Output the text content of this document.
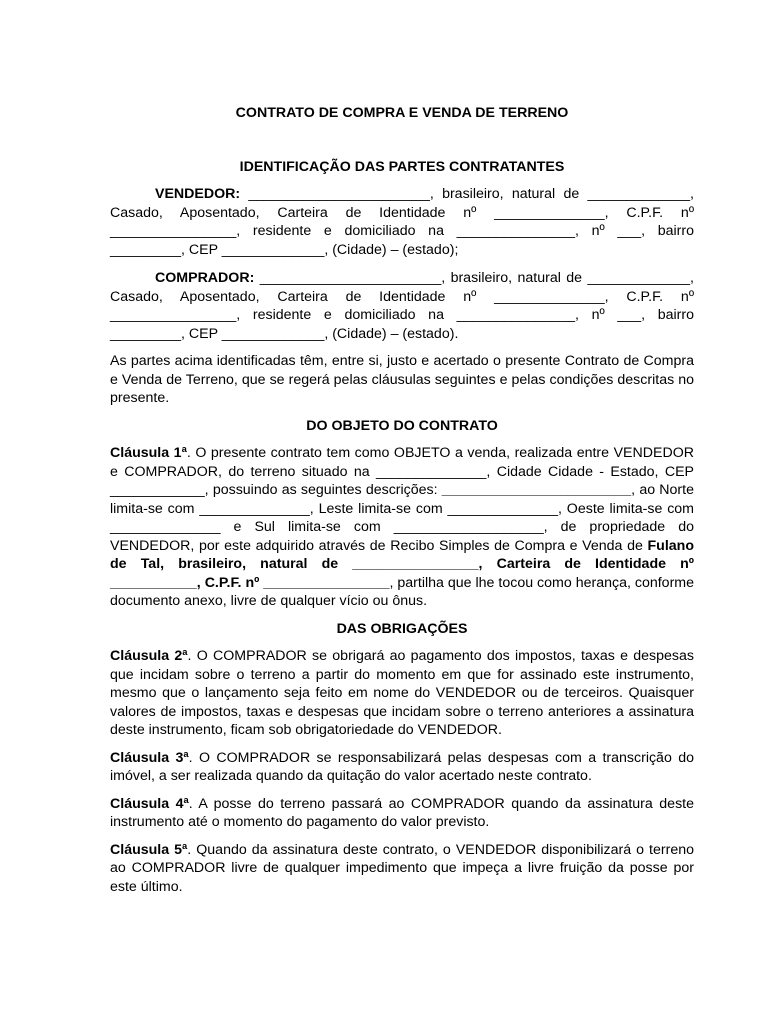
CONTRATO DE COMPRA E VENDA DE TERRENO

IDENTIFICAÇÃO DAS PARTES CONTRATANTES

VENDEDOR: _______________________, brasileiro, natural de _____________, Casado, Aposentado, Carteira de Identidade nº ______________, C.P.F. nº ________________, residente e domiciliado na _______________, nº ___, bairro _________, CEP _____________, (Cidade) – (estado);

COMPRADOR: _______________________, brasileiro, natural de _____________, Casado, Aposentado, Carteira de Identidade nº ______________, C.P.F. nº ________________, residente e domiciliado na _______________, nº ___, bairro _________, CEP _____________, (Cidade) – (estado).

As partes acima identificadas têm, entre si, justo e acertado o presente Contrato de Compra e Venda de Terreno, que se regerá pelas cláusulas seguintes e pelas condições descritas no presente.

DO OBJETO DO CONTRATO

Cláusula 1ª. O presente contrato tem como OBJETO a venda, realizada entre VENDEDOR e COMPRADOR, do terreno situado na ______________, Cidade Cidade - Estado, CEP ____________, possuindo as seguintes descrições: ________________________, ao Norte limita-se com ______________, Leste limita-se com ______________, Oeste limita-se com ______________ e Sul limita-se com ___________________, de propriedade do VENDEDOR, por este adquirido através de Recibo Simples de Compra e Venda de Fulano de Tal, brasileiro, natural de ________________, Carteira de Identidade nº ___________, C.P.F. nº ________________, partilha que lhe tocou como herança, conforme documento anexo, livre de qualquer vício ou ônus.

DAS OBRIGAÇÕES

Cláusula 2ª. O COMPRADOR se obrigará ao pagamento dos impostos, taxas e despesas que incidam sobre o terreno a partir do momento em que for assinado este instrumento, mesmo que o lançamento seja feito em nome do VENDEDOR ou de terceiros. Quaisquer valores de impostos, taxas e despesas que incidam sobre o terreno anteriores a assinatura deste instrumento, ficam sob obrigatoriedade do VENDEDOR.

Cláusula 3ª. O COMPRADOR se responsabilizará pelas despesas com a transcrição do imóvel, a ser realizada quando da quitação do valor acertado neste contrato.

Cláusula 4ª. A posse do terreno passará ao COMPRADOR quando da assinatura deste instrumento até o momento do pagamento do valor previsto.

Cláusula 5ª. Quando da assinatura deste contrato, o VENDEDOR disponibilizará o terreno ao COMPRADOR livre de qualquer impedimento que impeça a livre fruição da posse por este último.
